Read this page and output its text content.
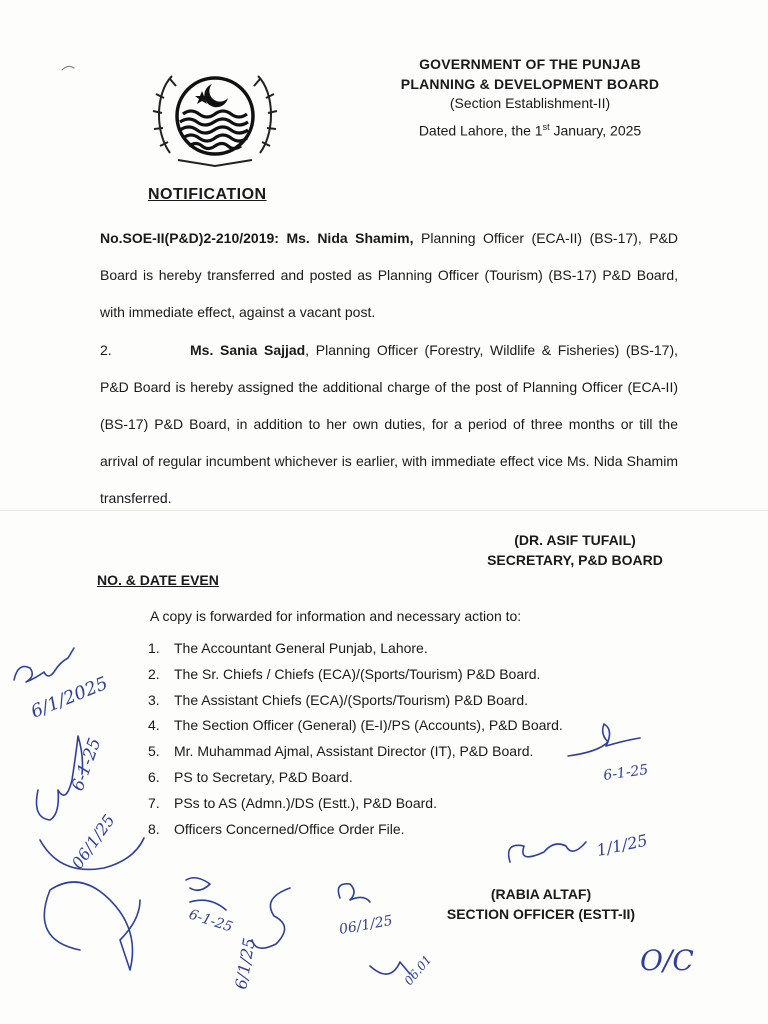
GOVERNMENT OF THE PUNJAB
PLANNING & DEVELOPMENT BOARD
(Section Establishment-II)
Dated Lahore, the 1st January, 2025
NOTIFICATION
No.SOE-II(P&D)2-210/2019: Ms. Nida Shamim, Planning Officer (ECA-II) (BS-17), P&D Board is hereby transferred and posted as Planning Officer (Tourism) (BS-17) P&D Board, with immediate effect, against a vacant post.
2.	Ms. Sania Sajjad, Planning Officer (Forestry, Wildlife & Fisheries) (BS-17), P&D Board is hereby assigned the additional charge of the post of Planning Officer (ECA-II) (BS-17) P&D Board, in addition to her own duties, for a period of three months or till the arrival of regular incumbent whichever is earlier, with immediate effect vice Ms. Nida Shamim transferred.
(DR. ASIF TUFAIL)
SECRETARY, P&D BOARD
NO. & DATE EVEN
A copy is forwarded for information and necessary action to:
1. The Accountant General Punjab, Lahore.
2. The Sr. Chiefs / Chiefs (ECA)/(Sports/Tourism) P&D Board.
3. The Assistant Chiefs (ECA)/(Sports/Tourism) P&D Board.
4. The Section Officer (General) (E-I)/PS (Accounts), P&D Board.
5. Mr. Muhammad Ajmal, Assistant Director (IT), P&D Board.
6. PS to Secretary, P&D Board.
7. PSs to AS (Admn.)/DS (Estt.), P&D Board.
8. Officers Concerned/Office Order File.
(RABIA ALTAF)
SECTION OFFICER (ESTT-II)
6/1/2025
6-1-25
06/1/25
6-1-25
6-1-25
6/1/25
06/1/25
06.01
1/1/25
O/C
